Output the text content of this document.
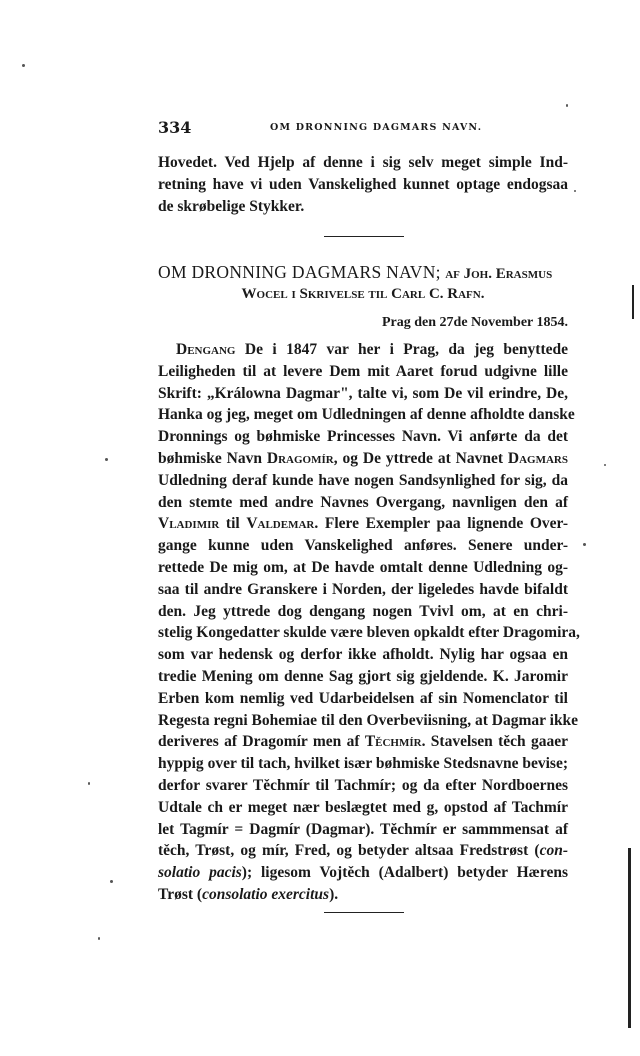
334	OM DRONNING DAGMARS NAVN.
Hovedet. Ved Hjelp af denne i sig selv meget simple Ind-
retning have vi uden Vanskelighed kunnet optage endogsaa
de skrøbelige Stykker.
OM DRONNING DAGMARS NAVN; af Joh. Erasmus
Wocel i Skrivelse til Carl C. Rafn.
Prag den 27de November 1854.
Dengang De i 1847 var her i Prag, da jeg benyttede
Leiligheden til at levere Dem mit Aaret forud udgivne lille
Skrift: „Králowna Dagmar", talte vi, som De vil erindre, De,
Hanka og jeg, meget om Udledningen af denne afholdte danske
Dronnings og bøhmiske Princesses Navn. Vi anførte da det
bøhmiske Navn Dragomír, og De yttrede at Navnet Dagmars
Udledning deraf kunde have nogen Sandsynlighed for sig, da
den stemte med andre Navnes Overgang, navnligen den af
Vladimir til Valdemar. Flere Exempler paa lignende Over-
gange kunne uden Vanskelighed anføres. Senere under-
rettede De mig om, at De havde omtalt denne Udledning og-
saa til andre Granskere i Norden, der ligeledes havde bifaldt
den. Jeg yttrede dog dengang nogen Tvivl om, at en chri-
stelig Kongedatter skulde være bleven opkaldt efter Dragomira,
som var hedensk og derfor ikke afholdt. Nylig har ogsaa en
tredie Mening om denne Sag gjort sig gjeldende. K. Jaromir
Erben kom nemlig ved Udarbeidelsen af sin Nomenclator til
Regesta regni Bohemiae til den Overbeviisning, at Dagmar ikke
deriveres af Dragomír men af Těchmír. Stavelsen těch gaaer
hyppig over til tach, hvilket især bøhmiske Stedsnavne bevise;
derfor svarer Těchmír til Tachmír; og da efter Nordboernes
Udtale ch er meget nær beslægtet med g, opstod af Tachmír
let Tagmír = Dagmír (Dagmar). Těchmír er sammmensat af
těch, Trøst, og mír, Fred, og betyder altsaa Fredstrøst (con-
solatio pacis); ligesom Vojtěch (Adalbert) betyder Hærens
Trøst (consolatio exercitus).
